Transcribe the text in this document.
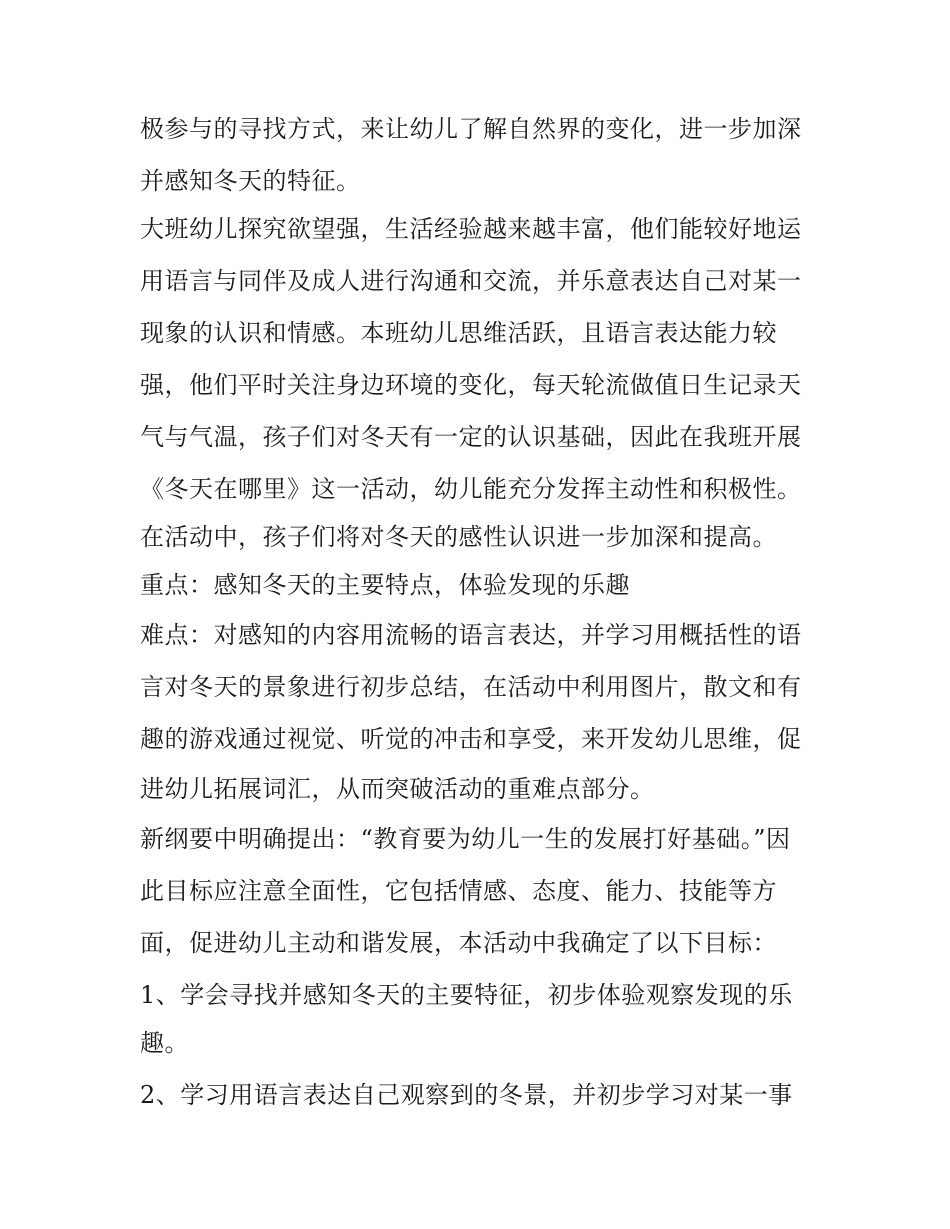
极参与的寻找方式，来让幼儿了解自然界的变化，进一步加深
并感知冬天的特征。
大班幼儿探究欲望强，生活经验越来越丰富，他们能较好地运
用语言与同伴及成人进行沟通和交流，并乐意表达自己对某一
现象的认识和情感。本班幼儿思维活跃，且语言表达能力较
强，他们平时关注身边环境的变化，每天轮流做值日生记录天
气与气温，孩子们对冬天有一定的认识基础，因此在我班开展
《冬天在哪里》这一活动，幼儿能充分发挥主动性和积极性。
在活动中，孩子们将对冬天的感性认识进一步加深和提高。
重点：感知冬天的主要特点，体验发现的乐趣
难点：对感知的内容用流畅的语言表达，并学习用概括性的语
言对冬天的景象进行初步总结，在活动中利用图片，散文和有
趣的游戏通过视觉、听觉的冲击和享受，来开发幼儿思维，促
进幼儿拓展词汇，从而突破活动的重难点部分。
新纲要中明确提出：“教育要为幼儿一生的发展打好基础。”因
此目标应注意全面性，它包括情感、态度、能力、技能等方
面，促进幼儿主动和谐发展，本活动中我确定了以下目标：
1、学会寻找并感知冬天的主要特征，初步体验观察发现的乐
趣。
2、学习用语言表达自己观察到的冬景，并初步学习对某一事
